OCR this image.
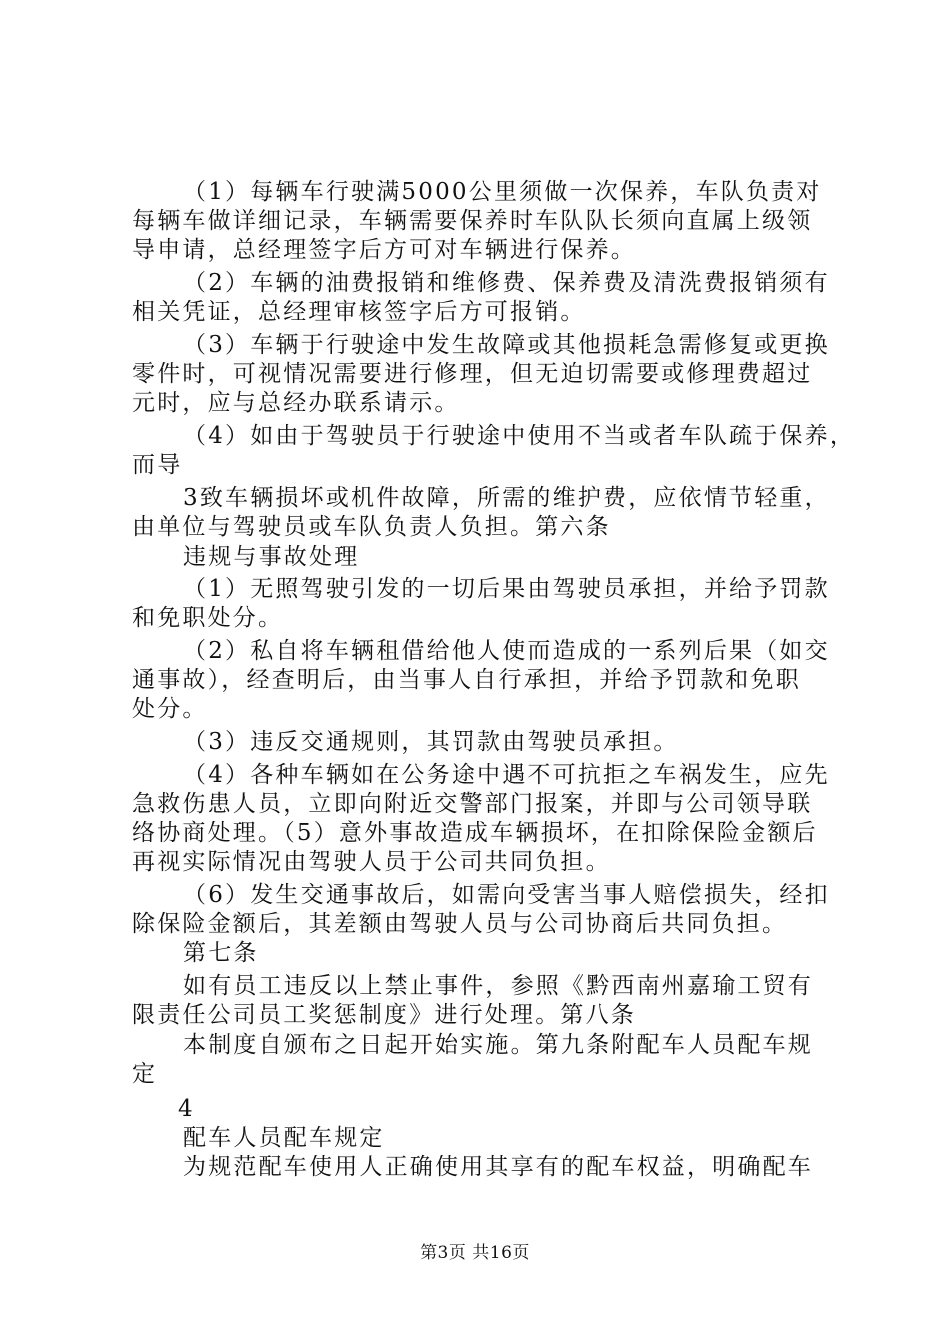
（1）每辆车行驶满5000公里须做一次保养，车队负责对
每辆车做详细记录，车辆需要保养时车队队长须向直属上级领
导申请，总经理签字后方可对车辆进行保养。
（2）车辆的油费报销和维修费、保养费及清洗费报销须有
相关凭证，总经理审核签字后方可报销。
（3）车辆于行驶途中发生故障或其他损耗急需修复或更换
零件时，可视情况需要进行修理，但无迫切需要或修理费超过
元时，应与总经办联系请示。
（4）如由于驾驶员于行驶途中使用不当或者车队疏于保养，
而导
3致车辆损坏或机件故障，所需的维护费，应依情节轻重，
由单位与驾驶员或车队负责人负担。第六条
违规与事故处理
（1）无照驾驶引发的一切后果由驾驶员承担，并给予罚款
和免职处分。
（2）私自将车辆租借给他人使而造成的一系列后果（如交
通事故），经查明后，由当事人自行承担，并给予罚款和免职
处分。
（3）违反交通规则，其罚款由驾驶员承担。
（4）各种车辆如在公务途中遇不可抗拒之车祸发生，应先
急救伤患人员，立即向附近交警部门报案，并即与公司领导联
络协商处理。（5）意外事故造成车辆损坏，在扣除保险金额后
再视实际情况由驾驶人员于公司共同负担。
（6）发生交通事故后，如需向受害当事人赔偿损失，经扣
除保险金额后，其差额由驾驶人员与公司协商后共同负担。
第七条
如有员工违反以上禁止事件，参照《黔西南州嘉瑜工贸有
限责任公司员工奖惩制度》进行处理。第八条
本制度自颁布之日起开始实施。第九条附配车人员配车规
定
4
配车人员配车规定
为规范配车使用人正确使用其享有的配车权益，明确配车
第3页 共16页
